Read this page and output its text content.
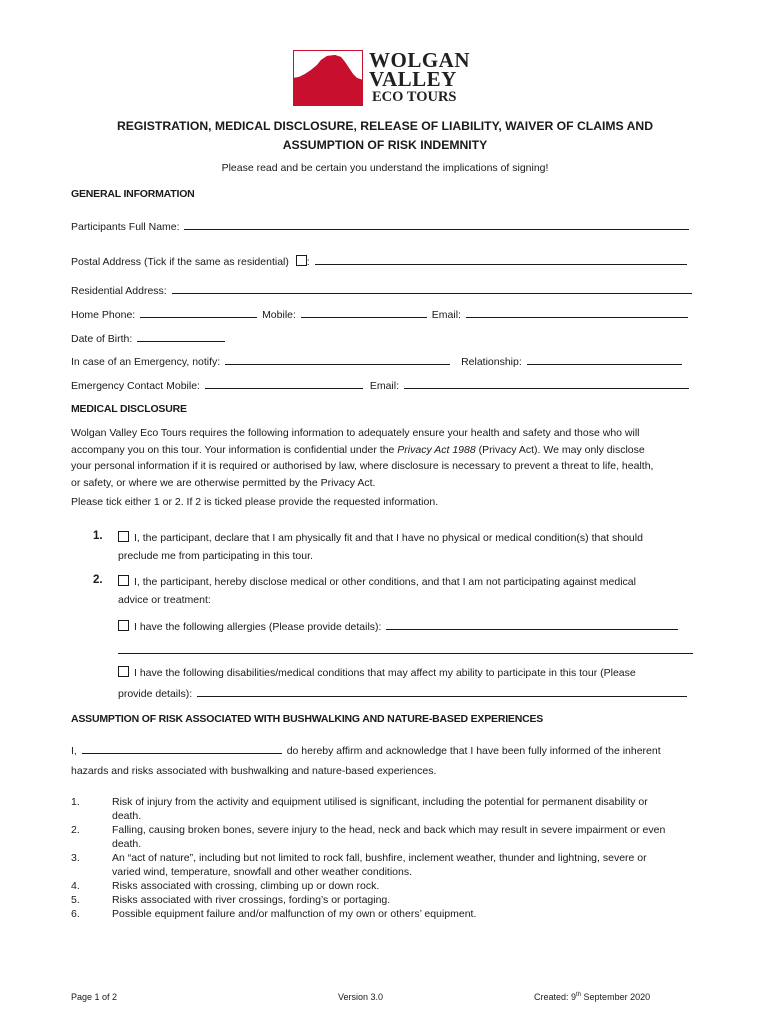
WOLGAN
VALLEY
ECO TOURS
REGISTRATION, MEDICAL DISCLOSURE, RELEASE OF LIABILITY, WAIVER OF CLAIMS AND
ASSUMPTION OF RISK INDEMNITY
Please read and be certain you understand the implications of signing!
GENERAL INFORMATION
Participants Full Name:
Postal Address (Tick if the same as residential) :
Residential Address:
Home Phone:	Mobile:	Email:
Date of Birth:
In case of an Emergency, notify:	Relationship:
Emergency Contact Mobile:	Email:
MEDICAL DISCLOSURE
Wolgan Valley Eco Tours requires the following information to adequately ensure your health and safety and those who will
accompany you on this tour. Your information is confidential under the Privacy Act 1988 (Privacy Act). We may only disclose
your personal information if it is required or authorised by law, where disclosure is necessary to prevent a threat to life, health,
or safety, or where we are otherwise permitted by the Privacy Act.
Please tick either 1 or 2. If 2 is ticked please provide the requested information.
1.	I, the participant, declare that I am physically fit and that I have no physical or medical condition(s) that should
preclude me from participating in this tour.
2.	I, the participant, hereby disclose medical or other conditions, and that I am not participating against medical
advice or treatment:
I have the following allergies (Please provide details):
I have the following disabilities/medical conditions that may affect my ability to participate in this tour (Please
provide details):
ASSUMPTION OF RISK ASSOCIATED WITH BUSHWALKING AND NATURE-BASED EXPERIENCES
I,	do hereby affirm and acknowledge that I have been fully informed of the inherent
hazards and risks associated with bushwalking and nature-based experiences.
1.	Risk of injury from the activity and equipment utilised is significant, including the potential for permanent disability or
death.
2.	Falling, causing broken bones, severe injury to the head, neck and back which may result in severe impairment or even
death.
3.	An “act of nature”, including but not limited to rock fall, bushfire, inclement weather, thunder and lightning, severe or
varied wind, temperature, snowfall and other weather conditions.
4.	Risks associated with crossing, climbing up or down rock.
5.	Risks associated with river crossings, fording’s or portaging.
6.	Possible equipment failure and/or malfunction of my own or others’ equipment.
Page 1 of 2	Version 3.0	Created: 9th September 2020
